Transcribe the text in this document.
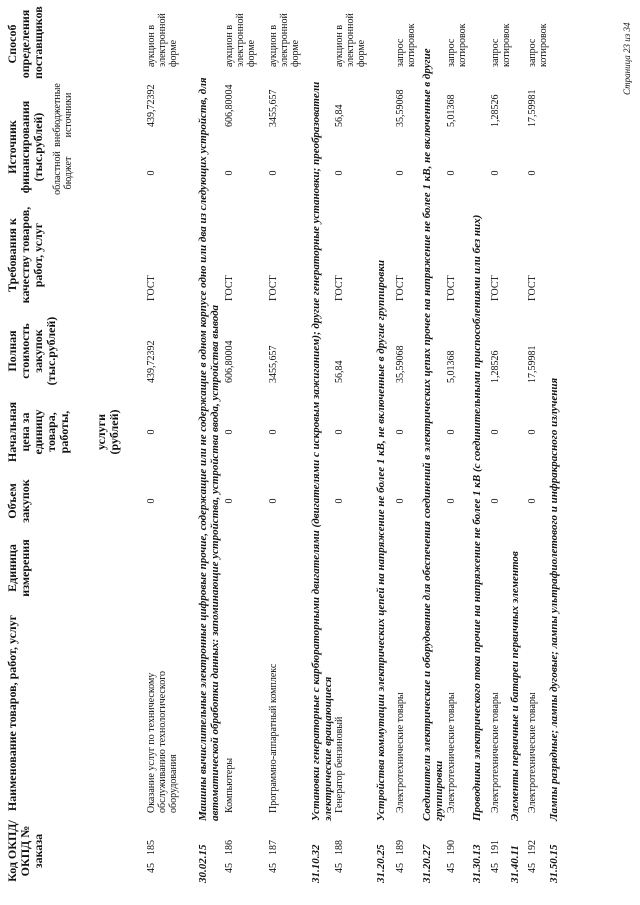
Код ОКПД/ ОКПД № заказа
Наименование товаров, работ, услуг
Единица измерения
Объем закупок
Начальная цена за единицу товара, работы, услуги (рублей)
Полная стоимость закупок (тыс.рублей)
Требования к качеству товаров, работ, услуг
Источник финансирования (тыс.рублей) областной бюджет
внебюджетные источники
Способ определения поставщиков
45
185
Оказание услуг по техническому обслуживанию технологического оборудования
0
0
439,72392
ГОСТ
0
439,72392
аукцион в электронной форме
30.02.15
Машины вычислительные электронные цифровые прочие, содержащие или не содержащие в одном корпусе одно или два из следующих устройств, для автоматической обработки данных: запоминающие устройства, устройства ввода, устройства вывода
45
186
Компьютеры
0
0
606,80004
ГОСТ
0
606,80004
аукцион в электронной форме
45
187
Программно-аппаратный комплекс
0
0
3455,657
ГОСТ
0
3455,657
аукцион в электронной форме
31.10.32
Установки генераторные с карбюраторными двигателями (двигателями с искровым зажиганием); другие генераторные установки; преобразователи электрические вращающиеся
45
188
Генератор бензиновый
0
0
56,84
ГОСТ
0
56,84
аукцион в электронной форме
31.20.25
Устройства коммутации электрических цепей на напряжение не более 1 кВ, не включенные в другие группировки
45
189
Электротехнические товары
0
0
35,59068
ГОСТ
0
35,59068
запрос котировок
31.20.27
Соединители электрические и оборудование для обеспечения соединений в электрических цепях прочее на напряжение не более 1 кВ, не включенные в другие группировки
45
190
Электротехнические товары
0
0
5,01368
ГОСТ
0
5,01368
запрос котировок
31.30.13
Проводники электрического тока прочие на напряжение не более 1 кВ (с соединительными приспособлениями или без них)
45
191
Электротехнические товары
0
0
1,28526
ГОСТ
0
1,28526
запрос котировок
31.40.11
Элементы первичные и батареи первичных элементов
45
192
Электротехнические товары
0
0
17,59981
ГОСТ
0
17,59981
запрос котировок
31.50.15
Лампы разрядные; лампы дуговые; лампы ультрафиолетового и инфракрасного излучения
Страница 23 из 34
